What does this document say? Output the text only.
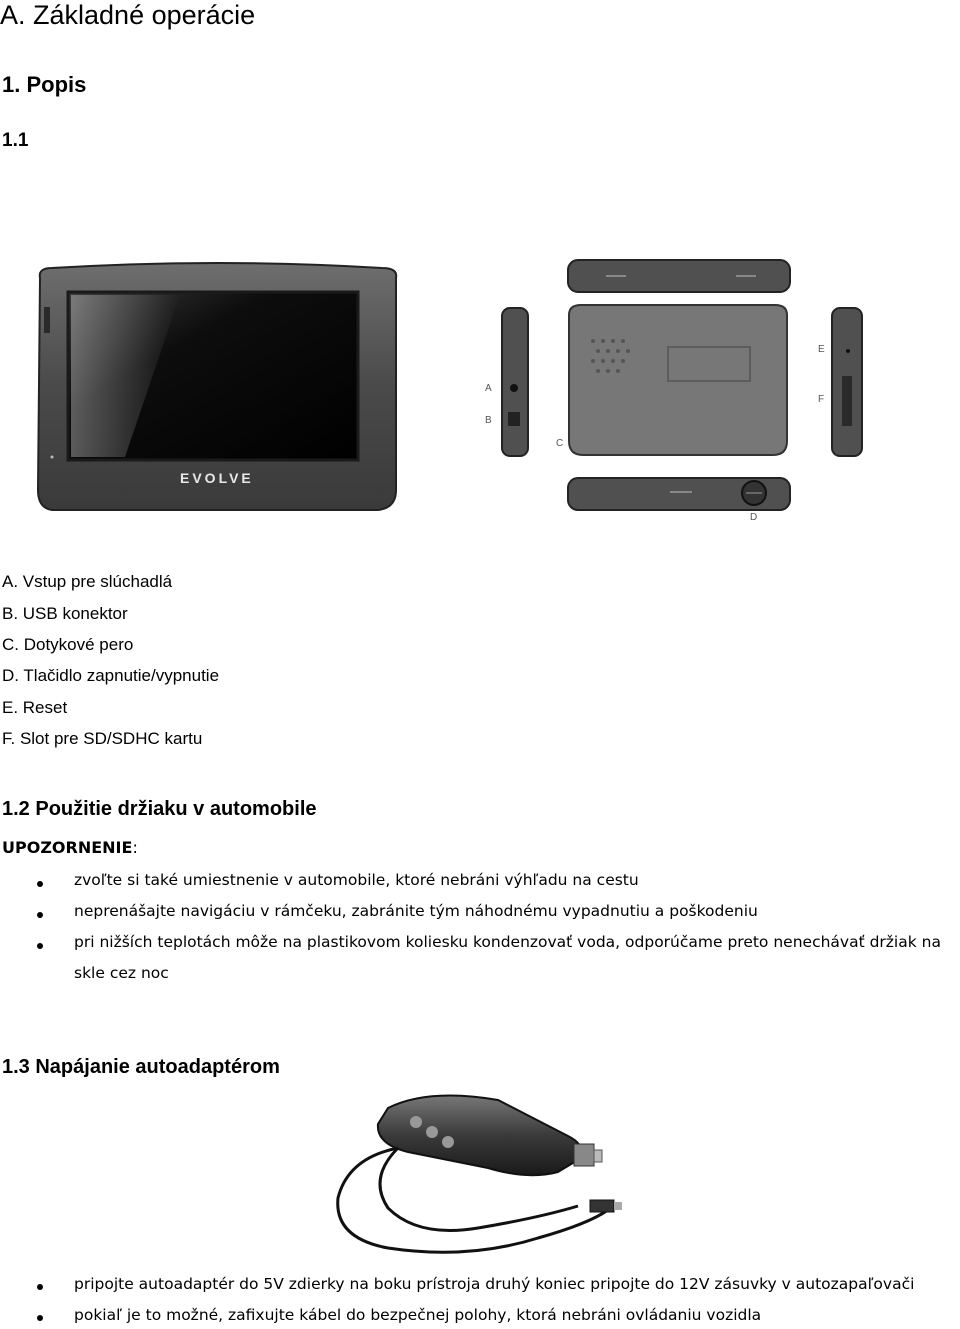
A. Základné operácie
1. Popis
1.1
EVOLVE
C
A
B
E
F
D
A. Vstup pre slúchadlá
B. USB konektor
C. Dotykové pero
D. Tlačidlo zapnutie/vypnutie
E. Reset
F. Slot pre SD/SDHC kartu
1.2 Použitie držiaku v automobile
UPOZORNENIE:
zvoľte si také umiestnenie v automobile, ktoré nebráni výhľadu na cestu
neprenášajte navigáciu v rámčeku, zabránite tým náhodnému vypadnutiu a poškodeniu
pri nižších teplotách môže na plastikovom koliesku kondenzovať voda, odporúčame preto nenechávať držiak na
skle cez noc
1.3 Napájanie autoadaptérom
pripojte autoadaptér do 5V zdierky na boku prístroja druhý koniec pripojte do 12V zásuvky v autozapaľovači
pokiaľ je to možné, zafixujte kábel do bezpečnej polohy, ktorá nebráni ovládaniu vozidla
